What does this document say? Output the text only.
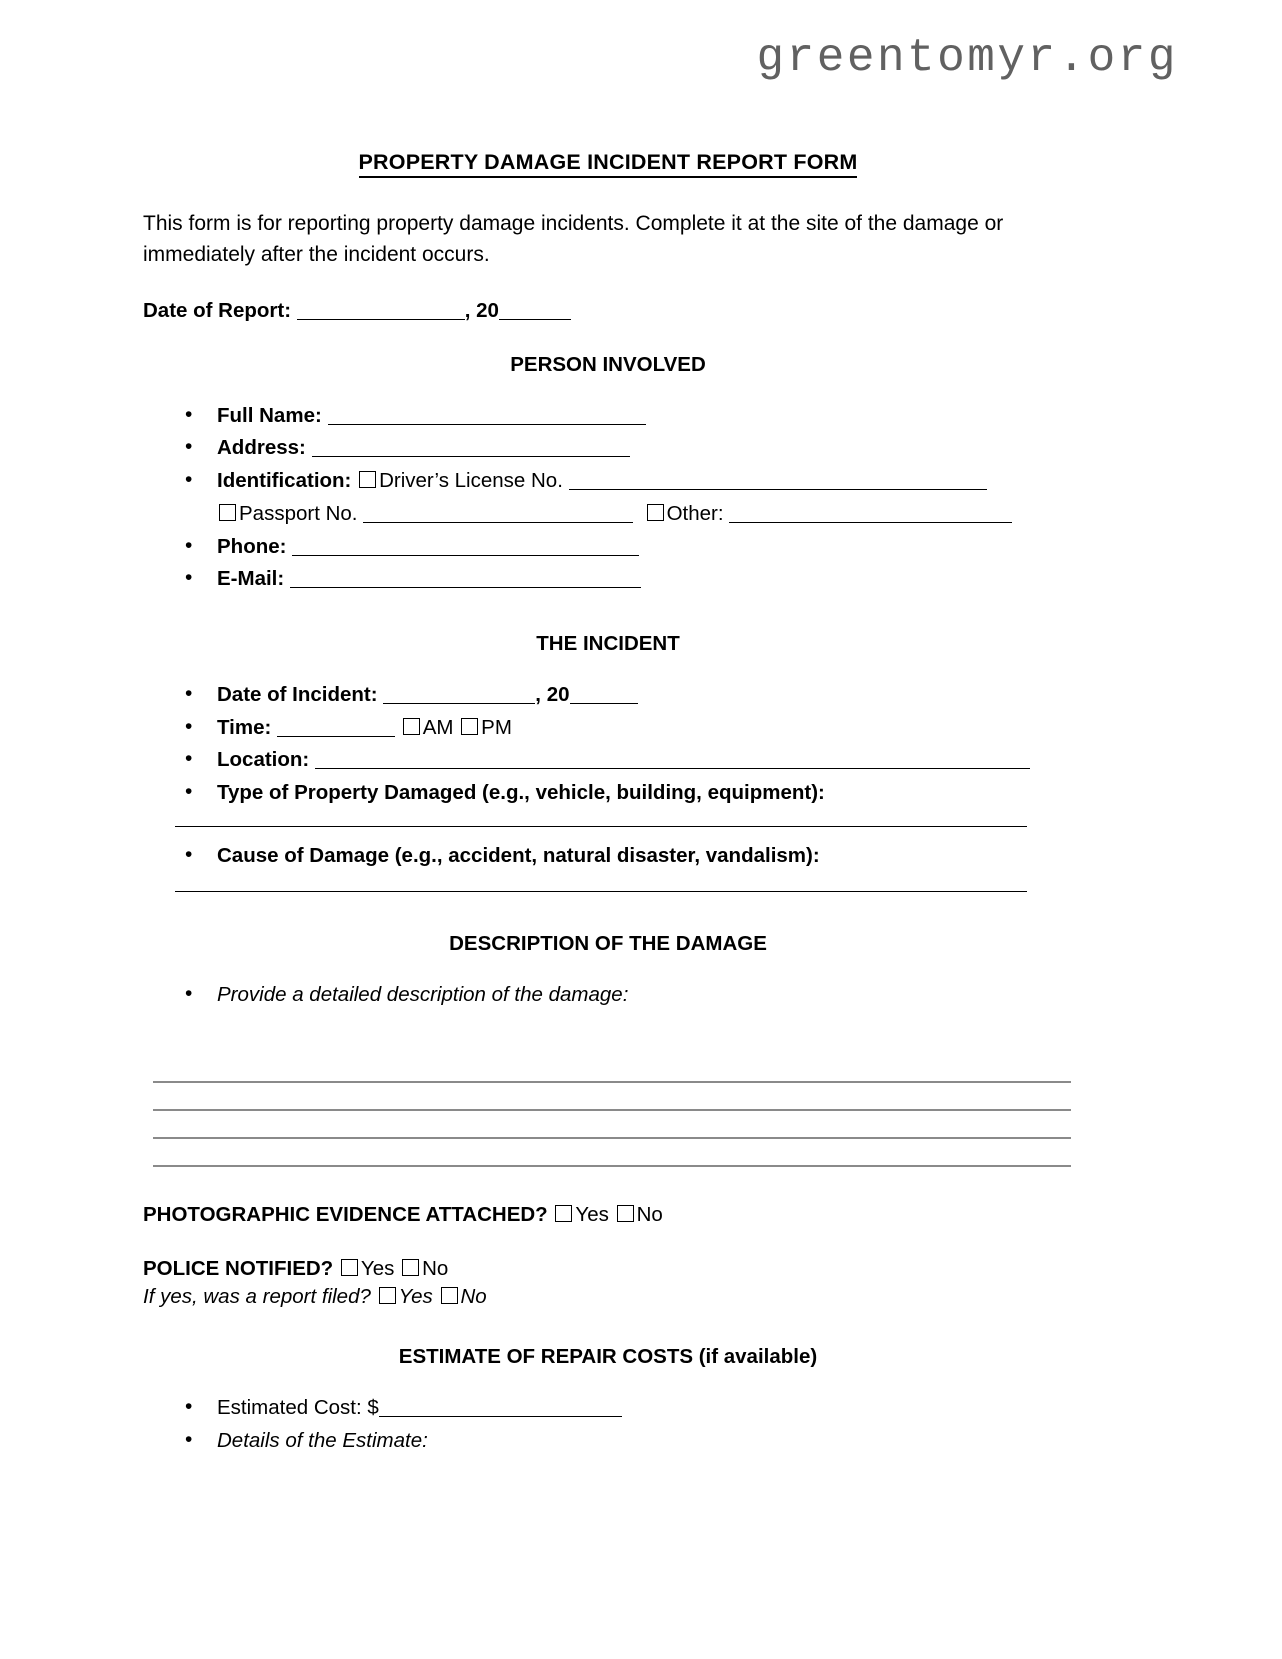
greentomyr.org
PROPERTY DAMAGE INCIDENT REPORT FORM

This form is for reporting property damage incidents. Complete it at the site of the damage or immediately after the incident occurs.

Date of Report:	, 20
PERSON INVOLVED
• Full Name:
• Address:
• Identification: Driver’s License No.
Passport No.	Other:
• Phone:
• E-Mail:
THE INCIDENT
• Date of Incident:	, 20
• Time:	AM PM
• Location:
• Type of Property Damaged (e.g., vehicle, building, equipment):
• Cause of Damage (e.g., accident, natural disaster, vandalism):
DESCRIPTION OF THE DAMAGE
• Provide a detailed description of the damage:

PHOTOGRAPHIC EVIDENCE ATTACHED? Yes No

POLICE NOTIFIED? Yes No

If yes, was a report filed? Yes No

ESTIMATE OF REPAIR COSTS (if available)
• Estimated Cost: $
• Details of the Estimate:
